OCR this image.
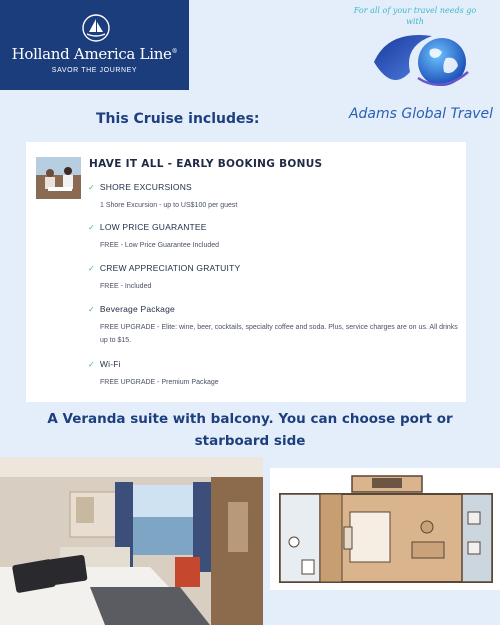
Holland America Line®
SAVOR THE JOURNEY
For all of your travel needs go with
Adams Global Travel
This Cruise includes:
HAVE IT ALL - EARLY BOOKING BONUS
✓ SHORE EXCURSIONS
1 Shore Excursion - up to US$100 per guest
✓ LOW PRICE GUARANTEE
FREE - Low Price Guarantee Included
✓ CREW APPRECIATION GRATUITY
FREE - Included
✓ Beverage Package
FREE UPGRADE - Elite: wine, beer, cocktails, specialty coffee and soda. Plus, service charges are on us. All drinks up to $15.
✓ Wi-Fi
FREE UPGRADE - Premium Package
A Veranda suite with balcony. You can choose port or starboard side
